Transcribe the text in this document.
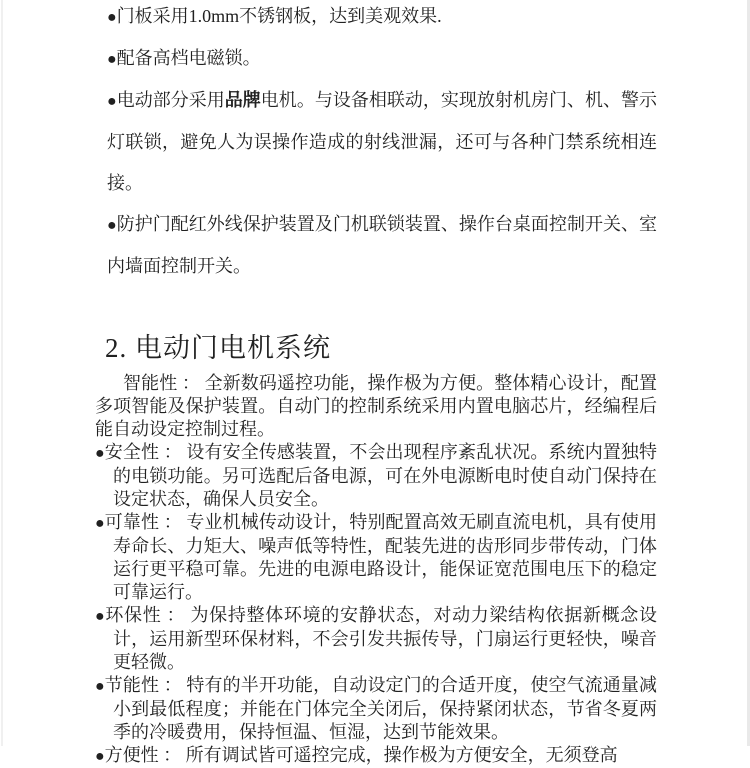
●门板采用1.0mm不锈钢板，达到美观效果.

●配备高档电磁锁。

●电动部分采用品牌电机。与设备相联动，实现放射机房门、机、警示灯联锁，避免人为误操作造成的射线泄漏，还可与各种门禁系统相连接。

●防护门配红外线保护装置及门机联锁装置、操作台桌面控制开关、室内墙面控制开关。

2. 电动门电机系统

智能性 ： 全新数码遥控功能，操作极为方便。整体精心设计，配置多项智能及保护装置。自动门的控制系统采用内置电脑芯片，经编程后能自动设定控制过程。

●安全性 ： 设有安全传感装置，不会出现程序紊乱状况。系统内置独特的电锁功能。另可选配后备电源，可在外电源断电时使自动门保持在设定状态，确保人员安全。

●可靠性 ： 专业机械传动设计，特别配置高效无刷直流电机，具有使用寿命长、力矩大、噪声低等特性，配装先进的齿形同步带传动，门体运行更平稳可靠。先进的电源电路设计，能保证宽范围电压下的稳定可靠运行。

●环保性 ： 为保持整体环境的安静状态，对动力梁结构依据新概念设计，运用新型环保材料，不会引发共振传导，门扇运行更轻快，噪音更轻微。

●节能性 ： 特有的半开功能，自动设定门的合适开度，使空气流通量减小到最低程度；并能在门体完全关闭后，保持紧闭状态，节省冬夏两季的冷暖费用，保持恒温、恒湿，达到节能效果。

●方便性 ： 所有调试皆可遥控完成，操作极为方便安全，无须登高
